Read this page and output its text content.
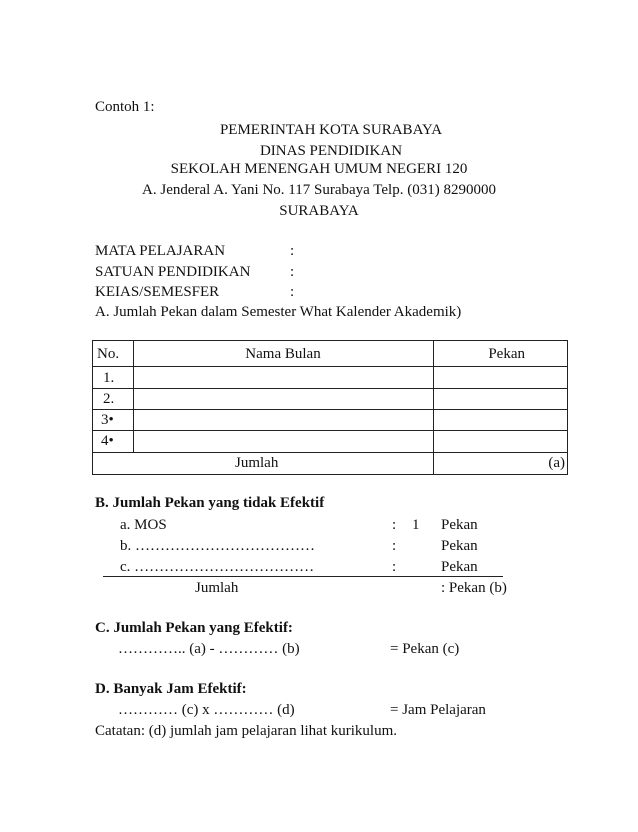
Contoh 1:
PEMERINTAH KOTA SURABAYA
DINAS PENDIDIKAN
SEKOLAH MENENGAH UMUM NEGERI 120
A. Jenderal A. Yani No. 117 Surabaya Telp. (031) 8290000
SURABAYA
MATA PELAJARAN	:
SATUAN PENDIDIKAN	:
KEIAS/SEMESFER	:
A. Jumlah Pekan dalam Semester What Kalender Akademik)
No.	Nama Bulan	Pekan
1.
2.
3•
4•
Jumlah	(a)
B. Jumlah Pekan yang tidak Efektif
a. MOS	: 1 Pekan
b. ………………………………	:	Pekan
c. ………………………………	:	Pekan
Jumlah	: Pekan (b)
C. Jumlah Pekan yang Efektif:
………….. (a) - ………… (b)	= Pekan (c)
D. Banyak Jam Efektif:
………… (c) x ………… (d)	= Jam Pelajaran
Catatan: (d) jumlah jam pelajaran lihat kurikulum.
